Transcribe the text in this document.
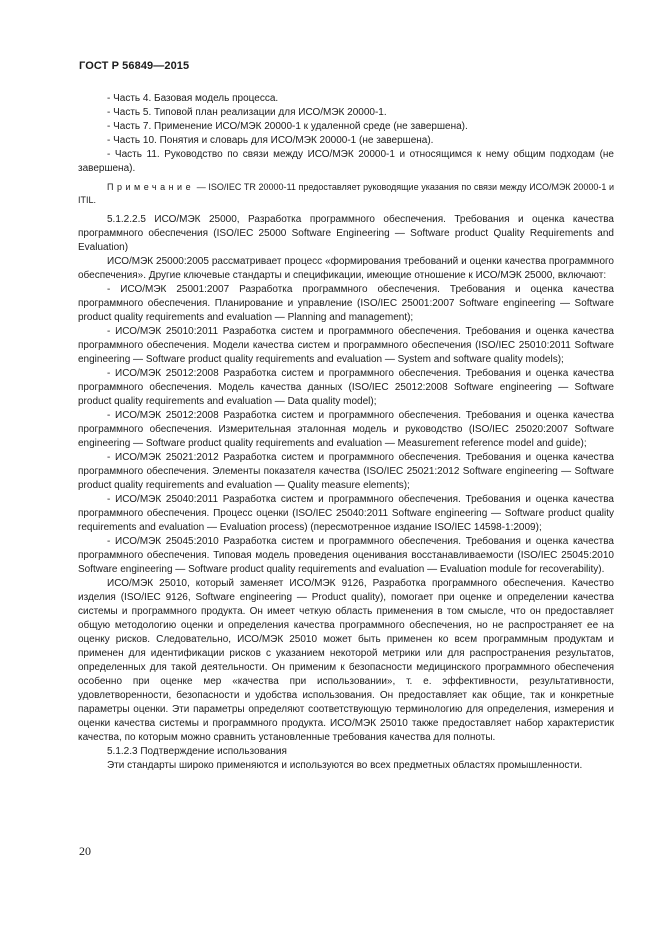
ГОСТ Р 56849—2015

- Часть 4. Базовая модель процесса.

- Часть 5. Типовой план реализации для ИСО/МЭК 20000-1.

- Часть 7. Применение ИСО/МЭК 20000-1 к удаленной среде (не завершена).

- Часть 10. Понятия и словарь для ИСО/МЭК 20000-1 (не завершена).

- Часть 11. Руководство по связи между ИСО/МЭК 20000-1 и относящимся к нему общим подходам (не завершена).

Примечание — ISO/IEC TR 20000-11 предоставляет руководящие указания по связи между ИСО/МЭК 20000-1 и ITIL.

5.1.2.2.5 ИСО/МЭК 25000, Разработка программного обеспечения. Требования и оценка качества программного обеспечения (ISO/IEC 25000 Software Engineering — Software product Quality Requirements and Evaluation)

ИСО/МЭК 25000:2005 рассматривает процесс «формирования требований и оценки качества программного обеспечения». Другие ключевые стандарты и спецификации, имеющие отношение к ИСО/МЭК 25000, включают:

- ИСО/МЭК 25001:2007 Разработка программного обеспечения. Требования и оценка качества программного обеспечения. Планирование и управление (ISO/IEC 25001:2007 Software engineering — Software product quality requirements and evaluation — Planning and management);

- ИСО/МЭК 25010:2011 Разработка систем и программного обеспечения. Требования и оценка качества программного обеспечения. Модели качества систем и программного обеспечения (ISO/IEC 25010:2011 Software engineering — Software product quality requirements and evaluation — System and software quality models);

- ИСО/МЭК 25012:2008 Разработка систем и программного обеспечения. Требования и оценка качества программного обеспечения. Модель качества данных (ISO/IEC 25012:2008 Software engineering — Software product quality requirements and evaluation — Data quality model);

- ИСО/МЭК 25012:2008 Разработка систем и программного обеспечения. Требования и оценка качества программного обеспечения. Измерительная эталонная модель и руководство (ISO/IEC 25020:2007 Software engineering — Software product quality requirements and evaluation — Measurement reference model and guide);

- ИСО/МЭК 25021:2012 Разработка систем и программного обеспечения. Требования и оценка качества программного обеспечения. Элементы показателя качества (ISO/IEC 25021:2012 Software engineering — Software product quality requirements and evaluation — Quality measure elements);

- ИСО/МЭК 25040:2011 Разработка систем и программного обеспечения. Требования и оценка качества программного обеспечения. Процесс оценки (ISO/IEC 25040:2011 Software engineering — Software product quality requirements and evaluation — Evaluation process) (пересмотренное издание ISO/IEC 14598-1:2009);

- ИСО/МЭК 25045:2010 Разработка систем и программного обеспечения. Требования и оценка качества программного обеспечения. Типовая модель проведения оценивания восстанавливаемости (ISO/IEC 25045:2010 Software engineering — Software product quality requirements and evaluation — Evaluation module for recoverability).

ИСО/МЭК 25010, который заменяет ИСО/МЭК 9126, Разработка программного обеспечения. Качество изделия (ISO/IEC 9126, Software engineering — Product quality), помогает при оценке и определении качества системы и программного продукта. Он имеет четкую область применения в том смысле, что он предоставляет общую методологию оценки и определения качества программного обеспечения, но не распространяет ее на оценку рисков. Следовательно, ИСО/МЭК 25010 может быть применен ко всем программным продуктам и применен для идентификации рисков с указанием некоторой метрики или для распространения результатов, определенных для такой деятельности. Он применим к безопасности медицинского программного обеспечения особенно при оценке мер «качества при использовании», т. е. эффективности, результативности, удовлетворенности, безопасности и удобства использования. Он предоставляет как общие, так и конкретные параметры оценки. Эти параметры определяют соответствующую терминологию для определения, измерения и оценки качества системы и программного продукта. ИСО/МЭК 25010 также предоставляет набор характеристик качества, по которым можно сравнить установленные требования качества для полноты.

5.1.2.3 Подтверждение использования

Эти стандарты широко применяются и используются во всех предметных областях промышленности.

20
